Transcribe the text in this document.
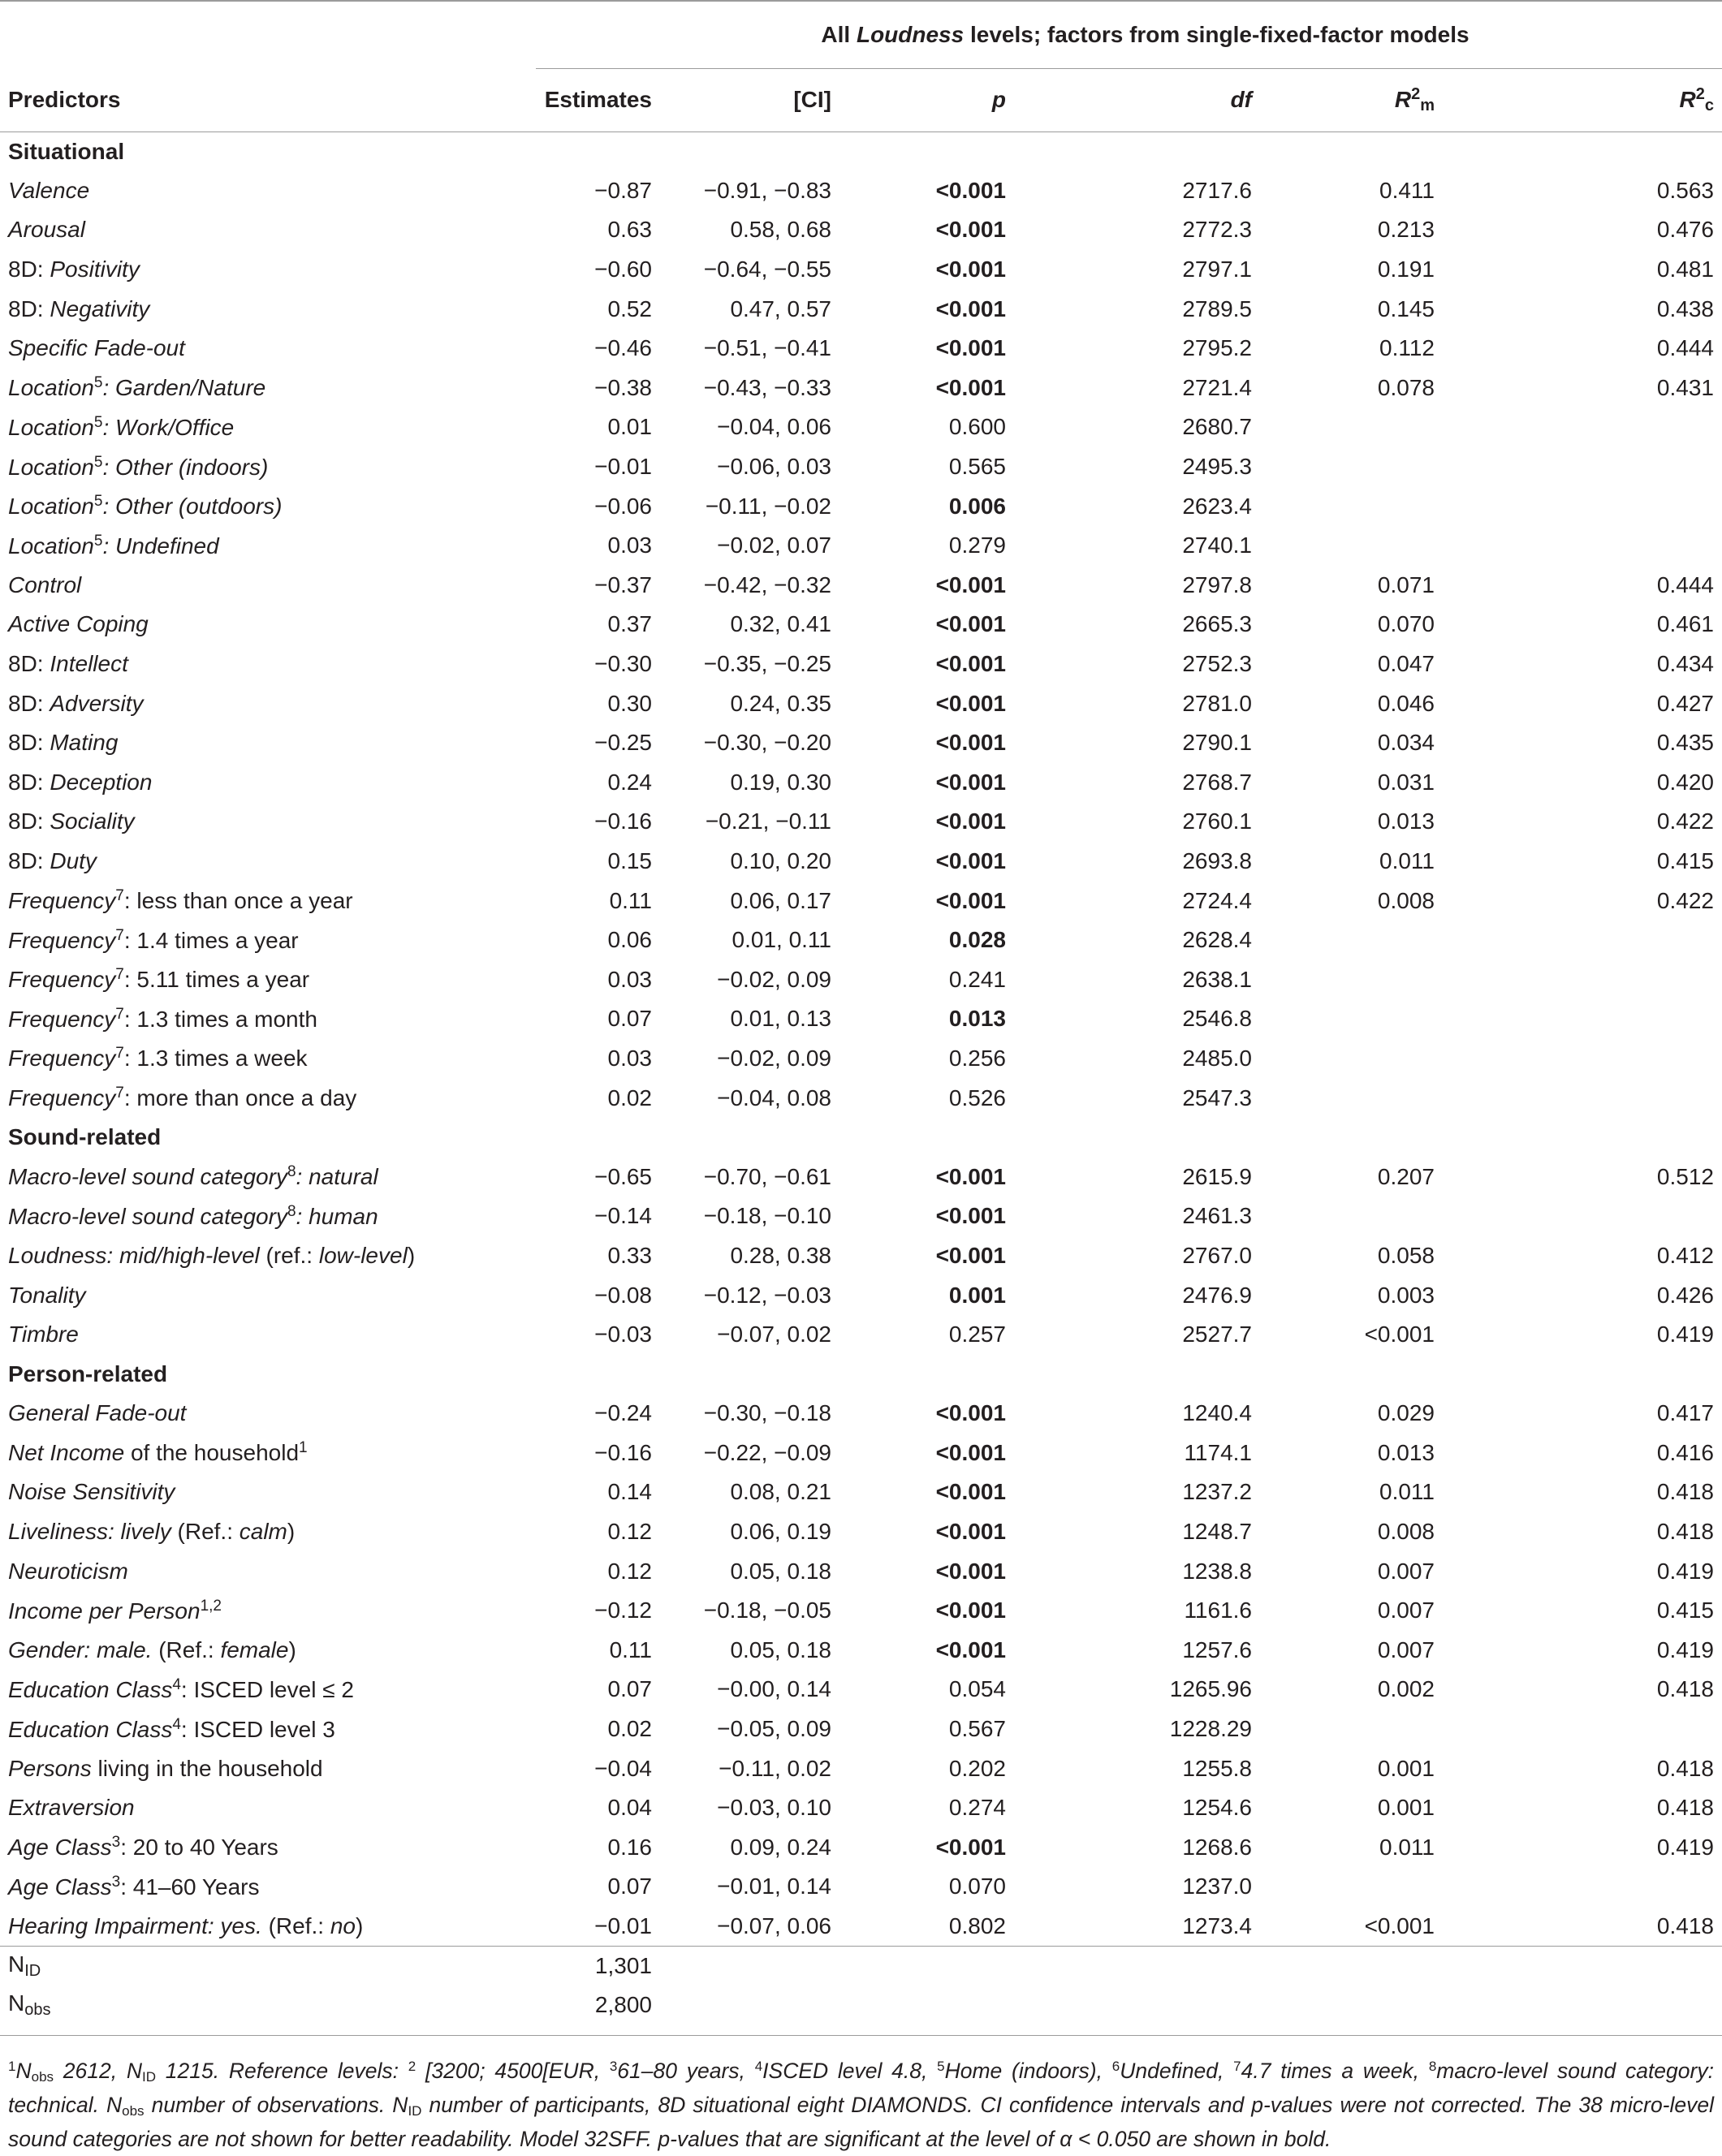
	All Loudness levels; factors from single-fixed-factor models					
Predictors	Estimates	[CI]	p	df	$R^2_m$	$R^2_c$
Situational						
Valence	−0.87	−0.91, −0.83	<0.001	2717.6	0.411	0.563
Arousal	0.63	0.58, 0.68	<0.001	2772.3	0.213	0.476
8D: Positivity	−0.60	−0.64, −0.55	<0.001	2797.1	0.191	0.481
8D: Negativity	0.52	0.47, 0.57	<0.001	2789.5	0.145	0.438
Specific Fade-out	−0.46	−0.51, −0.41	<0.001	2795.2	0.112	0.444
Location$^5$: Garden/Nature	−0.38	−0.43, −0.33	<0.001	2721.4	0.078	0.431
Location$^5$: Work/Office	0.01	−0.04, 0.06	0.600	2680.7		
Location$^5$: Other (indoors)	−0.01	−0.06, 0.03	0.565	2495.3		
Location$^5$: Other (outdoors)	−0.06	−0.11, −0.02	0.006	2623.4		
Location$^5$: Undefined	0.03	−0.02, 0.07	0.279	2740.1		
Control	−0.37	−0.42, −0.32	<0.001	2797.8	0.071	0.444
Active Coping	0.37	0.32, 0.41	<0.001	2665.3	0.070	0.461
8D: Intellect	−0.30	−0.35, −0.25	<0.001	2752.3	0.047	0.434
8D: Adversity	0.30	0.24, 0.35	<0.001	2781.0	0.046	0.427
8D: Mating	−0.25	−0.30, −0.20	<0.001	2790.1	0.034	0.435
8D: Deception	0.24	0.19, 0.30	<0.001	2768.7	0.031	0.420
8D: Sociality	−0.16	−0.21, −0.11	<0.001	2760.1	0.013	0.422
8D: Duty	0.15	0.10, 0.20	<0.001	2693.8	0.011	0.415
Frequency$^7$: less than once a year	0.11	0.06, 0.17	<0.001	2724.4	0.008	0.422
Frequency$^7$: 1.4 times a year	0.06	0.01, 0.11	0.028	2628.4		
Frequency$^7$: 5.11 times a year	0.03	−0.02, 0.09	0.241	2638.1		
Frequency$^7$: 1.3 times a month	0.07	0.01, 0.13	0.013	2546.8		
Frequency$^7$: 1.3 times a week	0.03	−0.02, 0.09	0.256	2485.0		
Frequency$^7$: more than once a day	0.02	−0.04, 0.08	0.526	2547.3		
Sound-related						
Macro-level sound category$^8$: natural	−0.65	−0.70, −0.61	<0.001	2615.9	0.207	0.512
Macro-level sound category$^8$: human	−0.14	−0.18, −0.10	<0.001	2461.3		
Loudness: mid/high-level (ref.: low-level)	0.33	0.28, 0.38	<0.001	2767.0	0.058	0.412
Tonality	−0.08	−0.12, −0.03	0.001	2476.9	0.003	0.426
Timbre	−0.03	−0.07, 0.02	0.257	2527.7	<0.001	0.419
Person-related						
General Fade-out	−0.24	−0.30, −0.18	<0.001	1240.4	0.029	0.417
Net Income of the household$^1$	−0.16	−0.22, −0.09	<0.001	1174.1	0.013	0.416
Noise Sensitivity	0.14	0.08, 0.21	<0.001	1237.2	0.011	0.418
Liveliness: lively (Ref.: calm)	0.12	0.06, 0.19	<0.001	1248.7	0.008	0.418
Neuroticism	0.12	0.05, 0.18	<0.001	1238.8	0.007	0.419
Income per Person$^{1,2}$	−0.12	−0.18, −0.05	<0.001	1161.6	0.007	0.415
Gender: male. (Ref.: female)	0.11	0.05, 0.18	<0.001	1257.6	0.007	0.419
Education Class$^4$: ISCED level ≤ 2	0.07	−0.00, 0.14	0.054	1265.96	0.002	0.418
Education Class$^4$: ISCED level 3	0.02	−0.05, 0.09	0.567	1228.29		
Persons living in the household	−0.04	−0.11, 0.02	0.202	1255.8	0.001	0.418
Extraversion	0.04	−0.03, 0.10	0.274	1254.6	0.001	0.418
Age Class$^3$: 20 to 40 Years	0.16	0.09, 0.24	<0.001	1268.6	0.011	0.419
Age Class$^3$: 41–60 Years	0.07	−0.01, 0.14	0.070	1237.0		
Hearing Impairment: yes. (Ref.: no)	−0.01	−0.07, 0.06	0.802	1273.4	<0.001	0.418
$N_{ID}$	1,301					
$N_{obs}$	2,800					
$^1N_{obs}$ 2612, $N_{ID}$ 1215. Reference levels: $^2$ [3200; 4500[EUR, $^3$61–80 years, $^4$ISCED level 4.8, $^5$Home (indoors), $^6$Undefined, $^7$4.7 times a week, $^8$macro-level sound category: technical. $N_{obs}$ number of observations. $N_{ID}$ number of participants, 8D situational eight DIAMONDS. CI confidence intervals and p-values were not corrected. The 38 micro-level sound categories are not shown for better readability. Model 32SFF. p-values that are significant at the level of α < 0.050 are shown in bold.
